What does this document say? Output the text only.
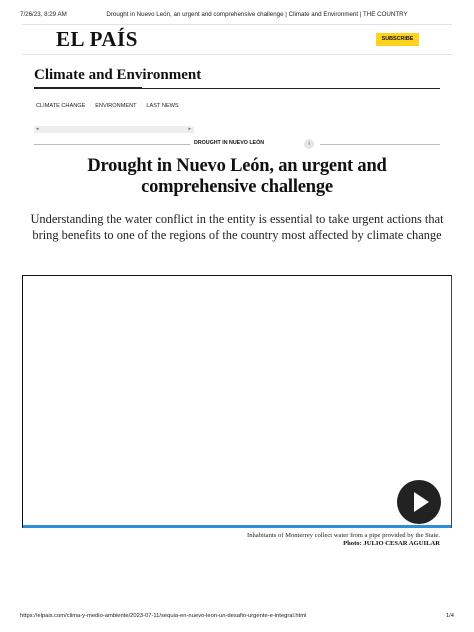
7/26/23, 8:29 AM	Drought in Nuevo León, an urgent and comprehensive challenge | Climate and Environment | THE COUNTRY
EL PAÍS	SUBSCRIBE
Climate and Environment
CLIMATE CHANGE · ENVIRONMENT · LAST NEWS
◂	▸
DROUGHT IN NUEVO LEÓN	i
Drought in Nuevo León, an urgent and comprehensive challenge

Understanding the water conflict in the entity is essential to take urgent actions that bring benefits to one of the regions of the country most affected by climate change

Inhabitants of Monterrey collect water from a pipe provided by the State.
Photo: JULIO CESAR AGUILAR
https://elpais.com/clima-y-medio-ambiente/2023-07-11/sequia-en-nuevo-leon-un-desafio-urgente-e-integral.html	1/4
